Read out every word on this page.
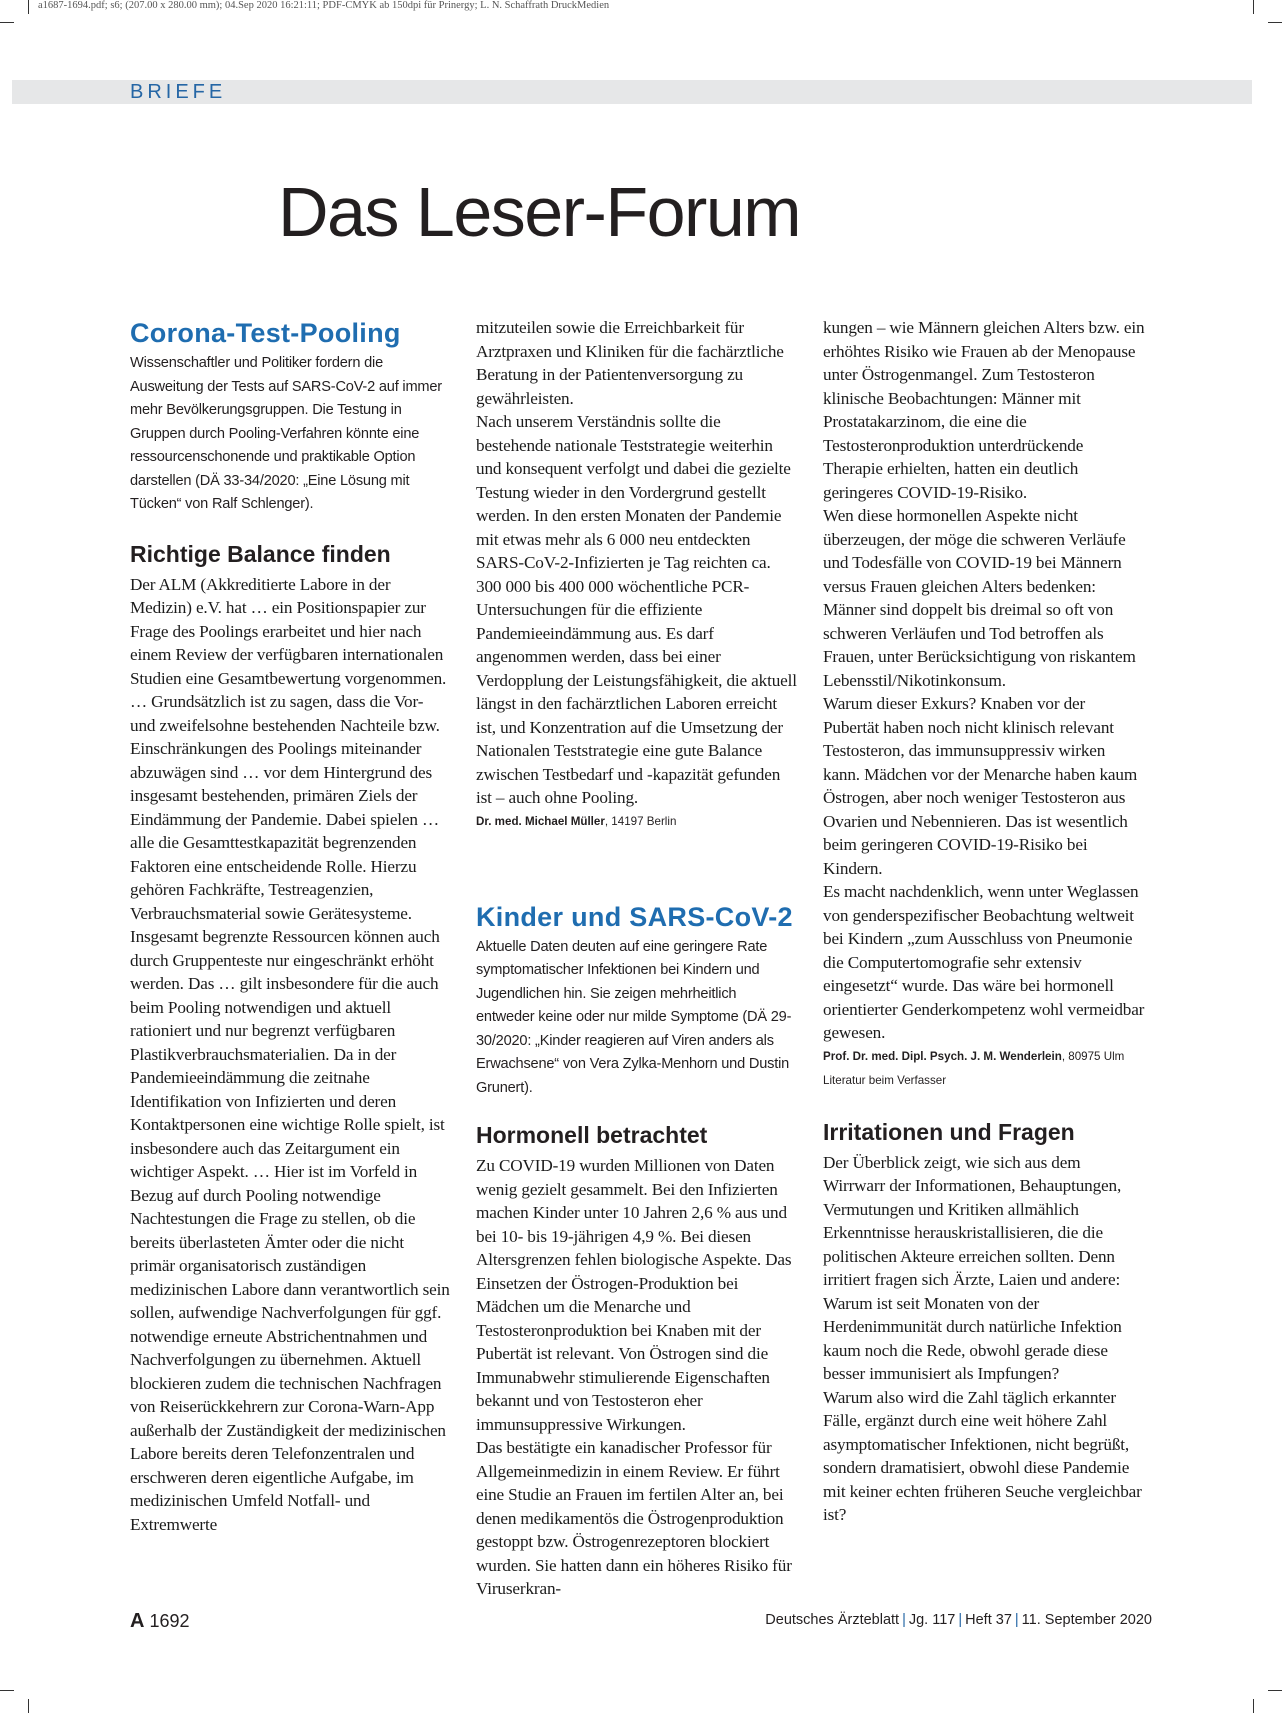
a1687-1694.pdf; s6; (207.00 x 280.00 mm); 04.Sep 2020 16:21:11; PDF-CMYK ab 150dpi für Prinergy; L. N. Schaffrath DruckMedien
BRIEFE
Das Leser-Forum
Corona-Test-Pooling

Wissenschaftler und Politiker fordern die Ausweitung der Tests auf SARS-CoV-2 auf immer mehr Bevölkerungsgruppen. Die Testung in Gruppen durch Pooling-Verfahren könnte eine ressourcenschonende und praktikable Option darstellen (DÄ 33-34/2020: „Eine Lösung mit Tücken“ von Ralf Schlenger).

Richtige Balance finden

Der ALM (Akkreditierte Labore in der Medizin) e.V. hat … ein Positionspapier zur Frage des Poolings erarbeitet und hier nach einem Review der verfügbaren internationalen Studien eine Gesamtbewertung vorgenommen. … Grundsätzlich ist zu sagen, dass die Vor- und zweifelsohne bestehenden Nachteile bzw. Einschränkungen des Poolings miteinander abzuwägen sind … vor dem Hintergrund des insgesamt bestehenden, primären Ziels der Eindämmung der Pandemie. Dabei spielen … alle die Gesamttestkapazität begrenzenden Faktoren eine entscheidende Rolle. Hierzu gehören Fachkräfte, Testreagenzien, Verbrauchsmaterial sowie Gerätesysteme. Insgesamt begrenzte Ressourcen können auch durch Gruppenteste nur eingeschränkt erhöht werden. Das … gilt insbesondere für die auch beim Pooling notwendigen und aktuell rationiert und nur begrenzt verfügbaren Plastikverbrauchsmaterialien. Da in der Pandemieeindämmung die zeitnahe Identifikation von Infizierten und deren Kontaktpersonen eine wichtige Rolle spielt, ist insbesondere auch das Zeitargument ein wichtiger Aspekt. … Hier ist im Vorfeld in Bezug auf durch Pooling notwendige Nachtestungen die Frage zu stellen, ob die bereits überlasteten Ämter oder die nicht primär organisatorisch zuständigen medizinischen Labore dann verantwortlich sein sollen, aufwendige Nachverfolgungen für ggf. notwendige erneute Abstrichentnahmen und Nachverfolgungen zu übernehmen. Aktuell blockieren zudem die technischen Nachfragen von Reiserückkehrern zur Corona-Warn-App außerhalb der Zuständigkeit der medizinischen Labore bereits deren Telefonzentralen und erschweren deren eigentliche Aufgabe, im medizinischen Umfeld Notfall- und Extremwerte

mitzuteilen sowie die Erreichbarkeit für Arztpraxen und Kliniken für die fachärztliche Beratung in der Patientenversorgung zu gewährleisten.
Nach unserem Verständnis sollte die bestehende nationale Teststrategie weiterhin und konsequent verfolgt und dabei die gezielte Testung wieder in den Vordergrund gestellt werden. In den ersten Monaten der Pandemie mit etwas mehr als 6 000 neu entdeckten SARS-CoV-2-Infizierten je Tag reichten ca. 300 000 bis 400 000 wöchentliche PCR-Untersuchungen für die effiziente Pandemieeindämmung aus. Es darf angenommen werden, dass bei einer Verdopplung der Leistungsfähigkeit, die aktuell längst in den fachärztlichen Laboren erreicht ist, und Konzentration auf die Umsetzung der Nationalen Teststrategie eine gute Balance zwischen Testbedarf und -kapazität gefunden ist – auch ohne Pooling.

Dr. med. Michael Müller, 14197 Berlin

Kinder und SARS-CoV-2

Aktuelle Daten deuten auf eine geringere Rate symptomatischer Infektionen bei Kindern und Jugendlichen hin. Sie zeigen mehrheitlich entweder keine oder nur milde Symptome (DÄ 29-30/2020: „Kinder reagieren auf Viren anders als Erwachsene“ von Vera Zylka-Menhorn und Dustin Grunert).

Hormonell betrachtet

Zu COVID-19 wurden Millionen von Daten wenig gezielt gesammelt. Bei den Infizierten machen Kinder unter 10 Jahren 2,6 % aus und bei 10- bis 19-jährigen 4,9 %. Bei diesen Altersgrenzen fehlen biologische Aspekte. Das Einsetzen der Östrogen-Produktion bei Mädchen um die Menarche und Testosteronproduktion bei Knaben mit der Pubertät ist relevant. Von Östrogen sind die Immunabwehr stimulierende Eigenschaften bekannt und von Testosteron eher immunsuppressive Wirkungen.
Das bestätigte ein kanadischer Professor für Allgemeinmedizin in einem Review. Er führt eine Studie an Frauen im fertilen Alter an, bei denen medikamentös die Östrogenproduktion gestoppt bzw. Östrogenrezeptoren blockiert wurden. Sie hatten dann ein höheres Risiko für Viruserkran-

kungen – wie Männern gleichen Alters bzw. ein erhöhtes Risiko wie Frauen ab der Menopause unter Östrogenmangel. Zum Testosteron klinische Beobachtungen: Männer mit Prostatakarzinom, die eine die Testosteronproduktion unterdrückende Therapie erhielten, hatten ein deutlich geringeres COVID-19-Risiko.
Wen diese hormonellen Aspekte nicht überzeugen, der möge die schweren Verläufe und Todesfälle von COVID-19 bei Männern versus Frauen gleichen Alters bedenken: Männer sind doppelt bis dreimal so oft von schweren Verläufen und Tod betroffen als Frauen, unter Berücksichtigung von riskantem Lebensstil/Nikotinkonsum.
Warum dieser Exkurs? Knaben vor der Pubertät haben noch nicht klinisch relevant Testosteron, das immunsuppressiv wirken kann. Mädchen vor der Menarche haben kaum Östrogen, aber noch weniger Testosteron aus Ovarien und Nebennieren. Das ist wesentlich beim geringeren COVID-19-Risiko bei Kindern.
Es macht nachdenklich, wenn unter Weglassen von genderspezifischer Beobachtung weltweit bei Kindern „zum Ausschluss von Pneumonie die Computertomografie sehr extensiv eingesetzt“ wurde. Das wäre bei hormonell orientierter Genderkompetenz wohl vermeidbar gewesen.

Prof. Dr. med. Dipl. Psych. J. M. Wenderlein, 80975 Ulm

Literatur beim Verfasser

Irritationen und Fragen

Der Überblick zeigt, wie sich aus dem Wirrwarr der Informationen, Behauptungen, Vermutungen und Kritiken allmählich Erkenntnisse herauskristallisieren, die die politischen Akteure erreichen sollten. Denn irritiert fragen sich Ärzte, Laien und andere:
Warum ist seit Monaten von der Herdenimmunität durch natürliche Infektion kaum noch die Rede, obwohl gerade diese besser immunisiert als Impfungen?
Warum also wird die Zahl täglich erkannter Fälle, ergänzt durch eine weit höhere Zahl asymptomatischer Infektionen, nicht begrüßt, sondern dramatisiert, obwohl diese Pandemie mit keiner echten früheren Seuche vergleichbar ist?

A 1692	Deutsches Ärzteblatt | Jg. 117 | Heft 37 | 11. September 2020
